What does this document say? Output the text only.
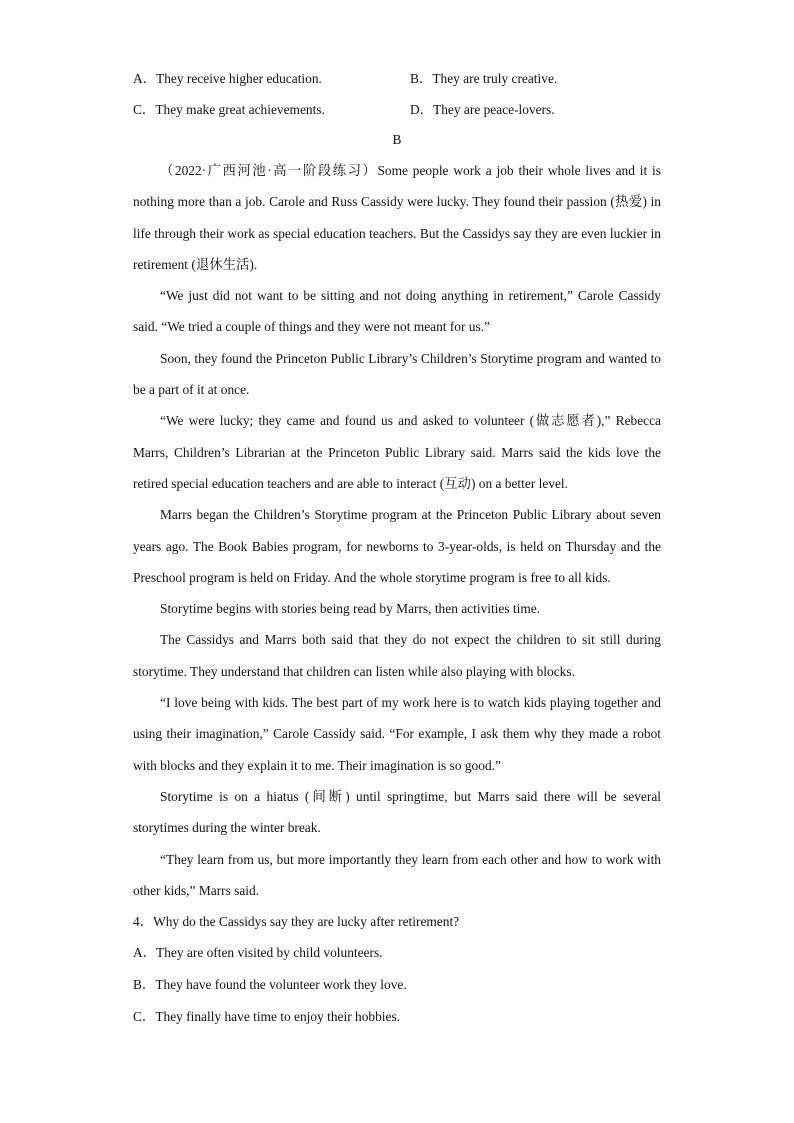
A．They receive higher education.	B．They are truly creative.
C．They make great achievements.	D．They are peace-lovers.
B

（2022·广西河池·高一阶段练习）Some people work a job their whole lives and it is nothing more than a job. Carole and Russ Cassidy were lucky. They found their passion (热爱) in life through their work as special education teachers. But the Cassidys say they are even luckier in retirement (退休生活).

“We just did not want to be sitting and not doing anything in retirement,” Carole Cassidy said. “We tried a couple of things and they were not meant for us.”

Soon, they found the Princeton Public Library’s Children’s Storytime program and wanted to be a part of it at once.

“We were lucky; they came and found us and asked to volunteer (做志愿者),” Rebecca Marrs, Children’s Librarian at the Princeton Public Library said. Marrs said the kids love the retired special education teachers and are able to interact (互动) on a better level.

Marrs began the Children’s Storytime program at the Princeton Public Library about seven years ago. The Book Babies program, for newborns to 3-year-olds, is held on Thursday and the Preschool program is held on Friday. And the whole storytime program is free to all kids.

Storytime begins with stories being read by Marrs, then activities time.

The Cassidys and Marrs both said that they do not expect the children to sit still during storytime. They understand that children can listen while also playing with blocks.

“I love being with kids. The best part of my work here is to watch kids playing together and using their imagination,” Carole Cassidy said. “For example, I ask them why they made a robot with blocks and they explain it to me. Their imagination is so good.”

Storytime is on a hiatus (间断) until springtime, but Marrs said there will be several storytimes during the winter break.

“They learn from us, but more importantly they learn from each other and how to work with other kids,” Marrs said.

4．Why do the Cassidys say they are lucky after retirement?

A．They are often visited by child volunteers.

B．They have found the volunteer work they love.

C．They finally have time to enjoy their hobbies.
